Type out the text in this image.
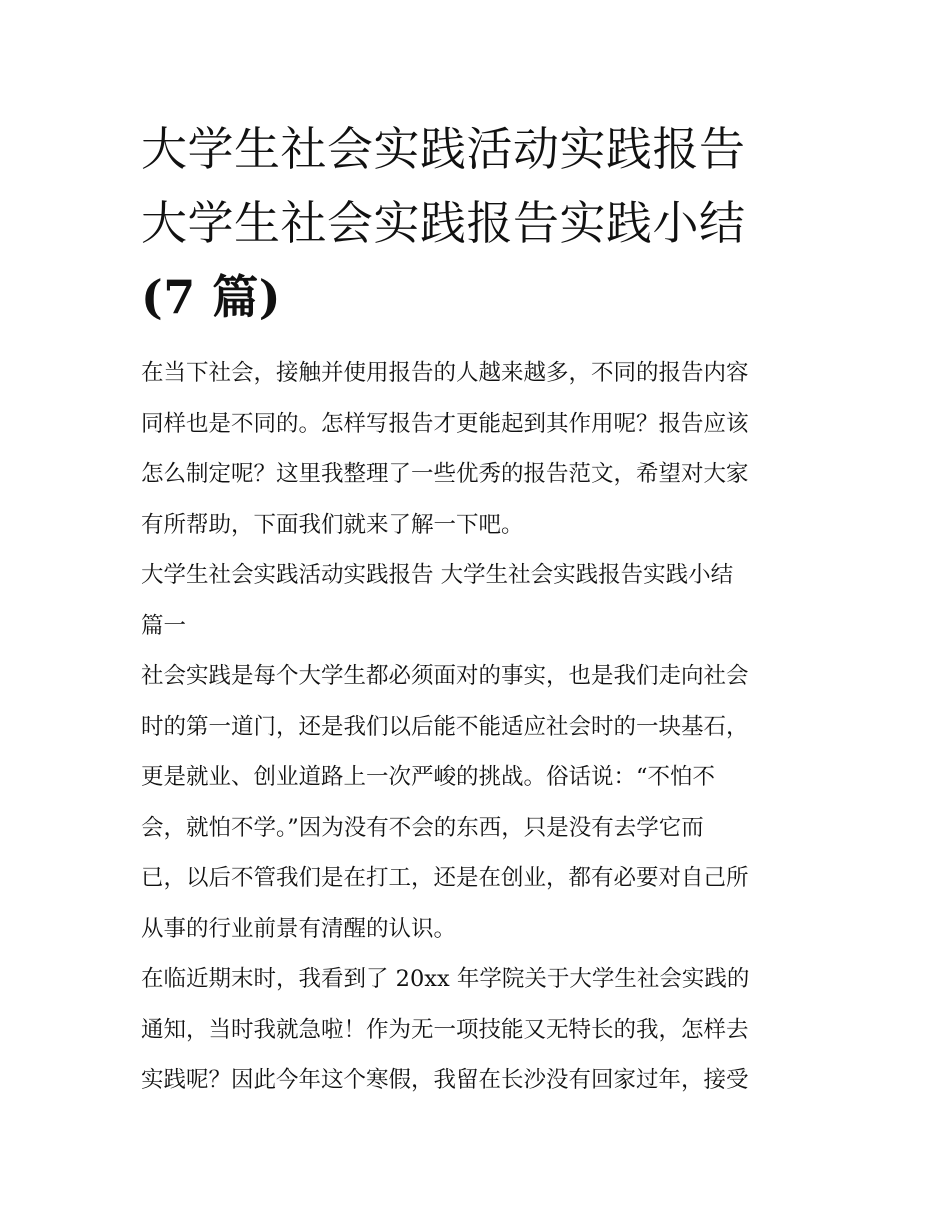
大学生社会实践活动实践报告
大学生社会实践报告实践小结
(7 篇)

在当下社会，接触并使用报告的人越来越多，不同的报告内容
同样也是不同的。怎样写报告才更能起到其作用呢？报告应该
怎么制定呢？这里我整理了一些优秀的报告范文，希望对大家
有所帮助，下面我们就来了解一下吧。

大学生社会实践活动实践报告 大学生社会实践报告实践小结
篇一

社会实践是每个大学生都必须面对的事实，也是我们走向社会
时的第一道门，还是我们以后能不能适应社会时的一块基石，
更是就业、创业道路上一次严峻的挑战。俗话说：“不怕不
会，就怕不学。”因为没有不会的东西，只是没有去学它而
已，以后不管我们是在打工，还是在创业，都有必要对自己所
从事的行业前景有清醒的认识。

在临近期末时，我看到了 20xx 年学院关于大学生社会实践的
通知，当时我就急啦！作为无一项技能又无特长的我，怎样去
实践呢？因此今年这个寒假，我留在长沙没有回家过年，接受
